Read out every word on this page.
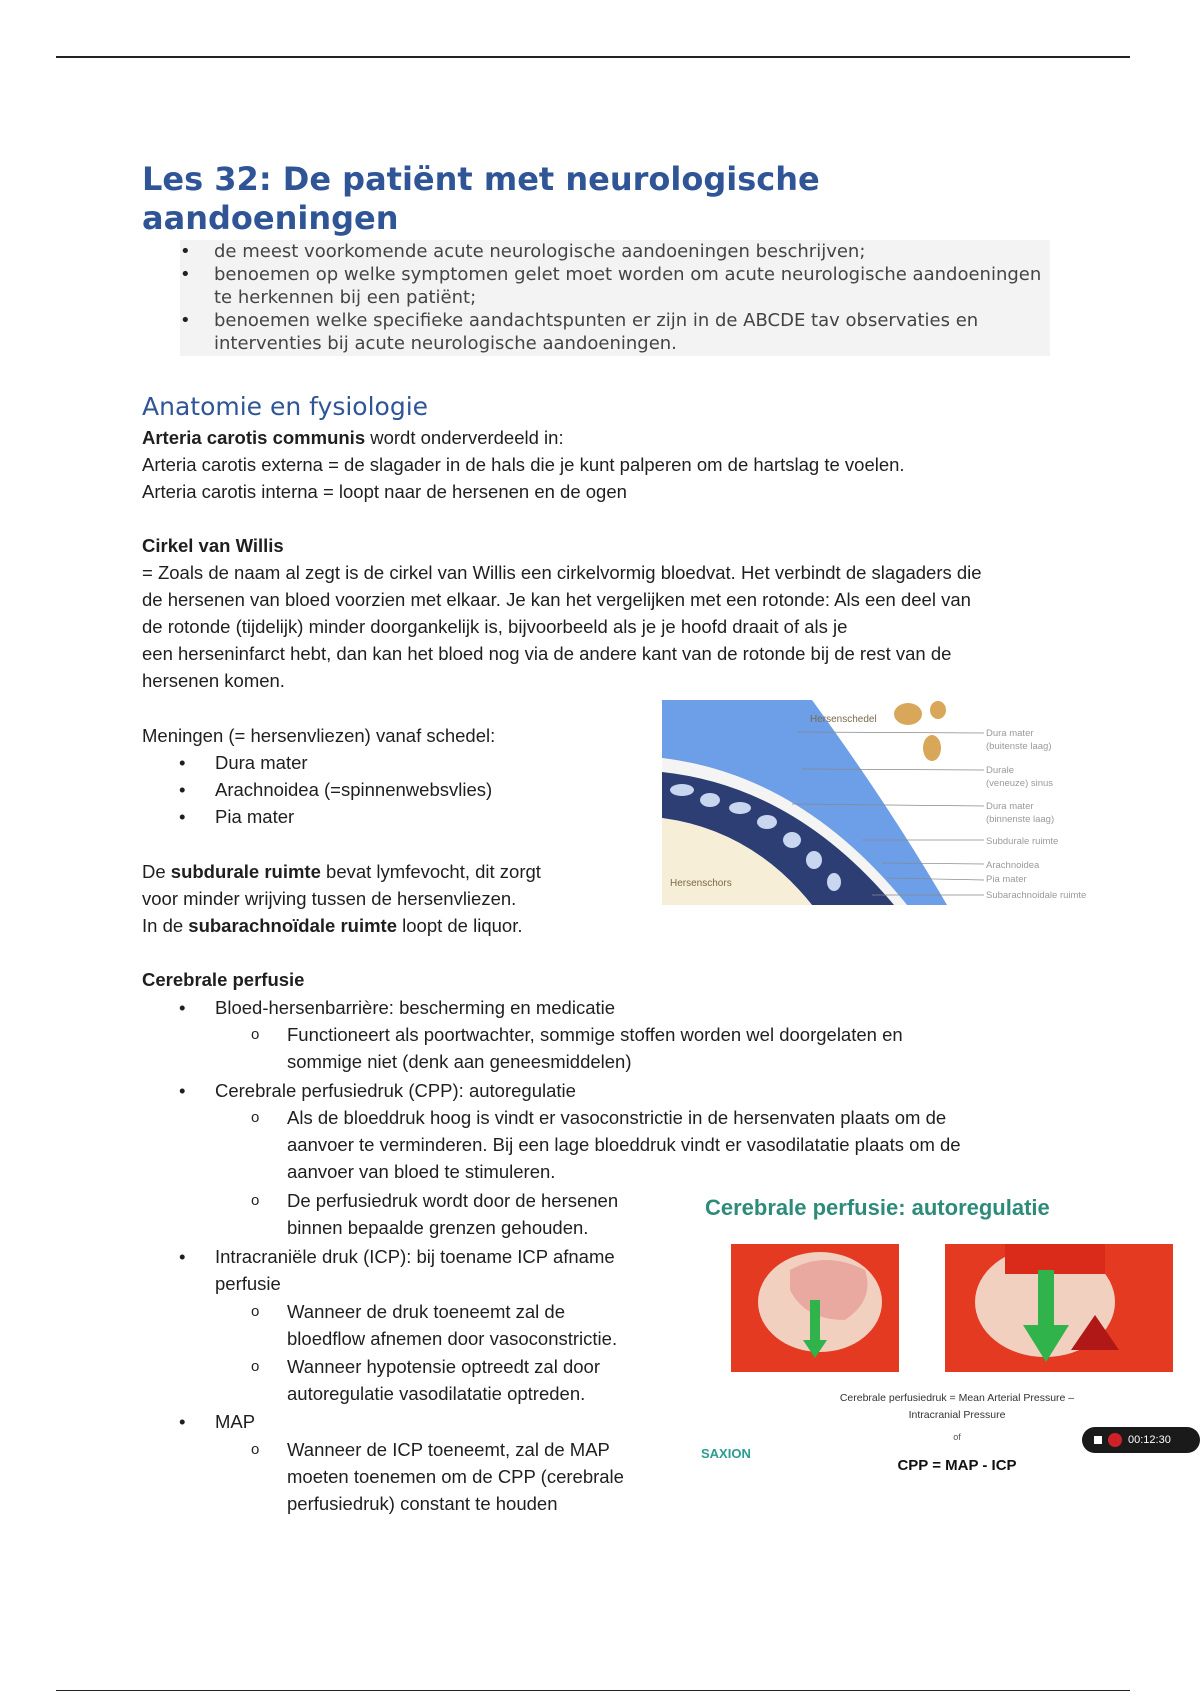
Les 32: De patiënt met neurologische aandoeningen
• de meest voorkomende acute neurologische aandoeningen beschrijven;
• benoemen op welke symptomen gelet moet worden om acute neurologische aandoeningen te herkennen bij een patiënt;
• benoemen welke specifieke aandachtspunten er zijn in de ABCDE tav observaties en interventies bij acute neurologische aandoeningen.
Anatomie en fysiologie
Arteria carotis communis wordt onderverdeeld in:
Arteria carotis externa = de slagader in de hals die je kunt palperen om de hartslag te voelen.
Arteria carotis interna = loopt naar de hersenen en de ogen
Cirkel van Willis
= Zoals de naam al zegt is de cirkel van Willis een cirkelvormig bloedvat. Het verbindt de slagaders die
de hersenen van bloed voorzien met elkaar. Je kan het vergelijken met een rotonde: Als een deel van
de rotonde (tijdelijk) minder doorgankelijk is, bijvoorbeeld als je je hoofd draait of als je
een herseninfarct hebt, dan kan het bloed nog via de andere kant van de rotonde bij de rest van de
hersenen komen.
Meningen (= hersenvliezen) vanaf schedel:
• Dura mater
• Arachnoidea (=spinnenwebsvlies)
• Pia mater
De subdurale ruimte bevat lymfevocht, dit zorgt
voor minder wrijving tussen de hersenvliezen.
In de subarachnoïdale ruimte loopt de liquor.
Hersenschedel
Hersenschors
Dura mater
(buitenste laag)
Durale
(veneuze) sinus
Dura mater
(binnenste laag)
Subdurale ruimte
Arachnoidea
Pia mater
Subarachnoidale ruimte
Cerebrale perfusie
• Bloed-hersenbarrière: bescherming en medicatie
o Functioneert als poortwachter, sommige stoffen worden wel doorgelaten en
sommige niet (denk aan geneesmiddelen)
• Cerebrale perfusiedruk (CPP): autoregulatie
o Als de bloeddruk hoog is vindt er vasoconstrictie in de hersenvaten plaats om de
aanvoer te verminderen. Bij een lage bloeddruk vindt er vasodilatatie plaats om de
aanvoer van bloed te stimuleren.
o De perfusiedruk wordt door de hersenen
binnen bepaalde grenzen gehouden.
• Intracraniële druk (ICP): bij toename ICP afname
perfusie
o Wanneer de druk toeneemt zal de
bloedflow afnemen door vasoconstrictie.
o Wanneer hypotensie optreedt zal door
autoregulatie vasodilatatie optreden.
• MAP
o Wanneer de ICP toeneemt, zal de MAP
moeten toenemen om de CPP (cerebrale
perfusiedruk) constant te houden
Cerebrale perfusie: autoregulatie
Cerebrale perfusiedruk = Mean Arterial Pressure –
Intracranial Pressure
of
CPP = MAP - ICP
SAXION
00:12:30
